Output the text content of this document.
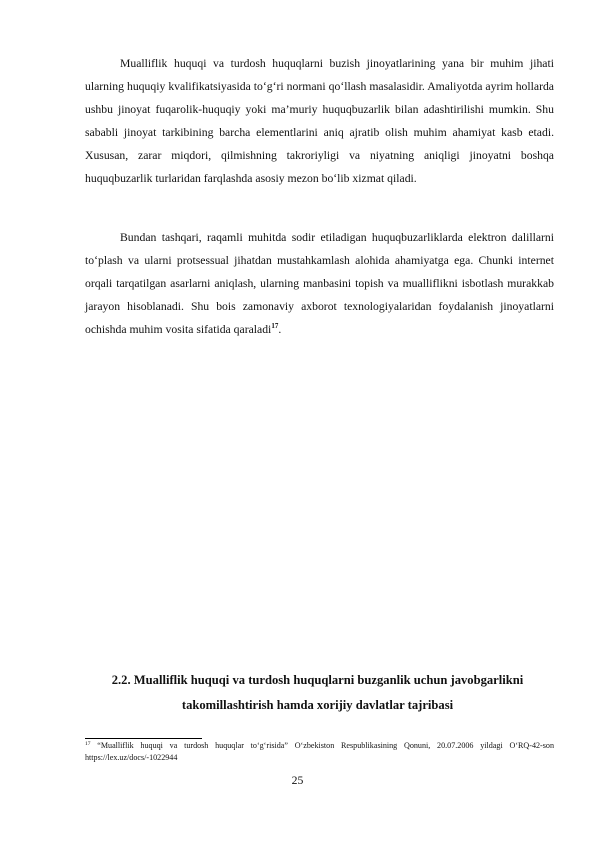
Mualliflik huquqi va turdosh huquqlarni buzish jinoyatlarining yana bir muhim jihati ularning huquqiy kvalifikatsiyasida to‘g‘ri normani qo‘llash masalasidir. Amaliyotda ayrim hollarda ushbu jinoyat fuqarolik-huquqiy yoki ma’muriy huquqbuzarlik bilan adashtirilishi mumkin. Shu sababli jinoyat tarkibining barcha elementlarini aniq ajratib olish muhim ahamiyat kasb etadi. Xususan, zarar miqdori, qilmishning takroriyligi va niyatning aniqligi jinoyatni boshqa huquqbuzarlik turlaridan farqlashda asosiy mezon bo‘lib xizmat qiladi.

Bundan tashqari, raqamli muhitda sodir etiladigan huquqbuzarliklarda elektron dalillarni to‘plash va ularni protsessual jihatdan mustahkamlash alohida ahamiyatga ega. Chunki internet orqali tarqatilgan asarlarni aniqlash, ularning manbasini topish va mualliflikni isbotlash murakkab jarayon hisoblanadi. Shu bois zamonaviy axborot texnologiyalaridan foydalanish jinoyatlarni ochishda muhim vosita sifatida qaraladi$^{17}$.

2.2. Mualliflik huquqi va turdosh huquqlarni buzganlik uchun javobgarlikni takomillashtirish hamda xorijiy davlatlar tajribasi

$^{17}$ “Mualliflik huquqi va turdosh huquqlar to‘g‘risida” O‘zbekiston Respublikasining Qonuni, 20.07.2006 yildagi O‘RQ-42-son https://lex.uz/docs/-1022944

25
